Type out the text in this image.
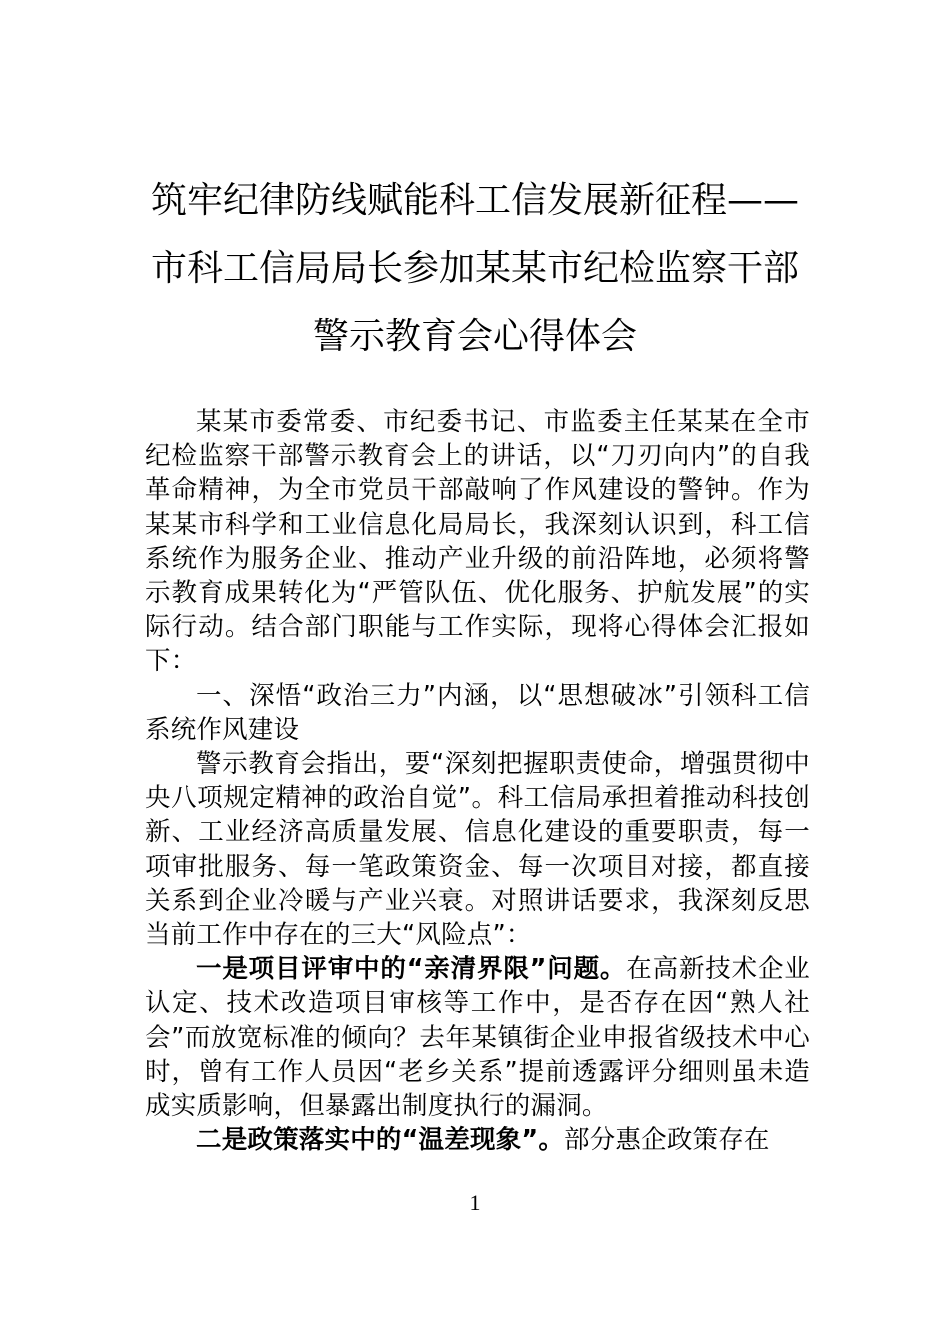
筑牢纪律防线赋能科工信发展新征程——
市科工信局局长参加某某市纪检监察干部
警示教育会心得体会

某某市委常委、市纪委书记、市监委主任某某在全市纪检监察干部警示教育会上的讲话，以“刀刃向内”的自我革命精神，为全市党员干部敲响了作风建设的警钟。作为某某市科学和工业信息化局局长，我深刻认识到，科工信系统作为服务企业、推动产业升级的前沿阵地，必须将警示教育成果转化为“严管队伍、优化服务、护航发展”的实际行动。结合部门职能与工作实际，现将心得体会汇报如下：

一、深悟“政治三力”内涵，以“思想破冰”引领科工信系统作风建设

警示教育会指出，要“深刻把握职责使命，增强贯彻中央八项规定精神的政治自觉”。科工信局承担着推动科技创新、工业经济高质量发展、信息化建设的重要职责，每一项审批服务、每一笔政策资金、每一次项目对接，都直接关系到企业冷暖与产业兴衰。对照讲话要求，我深刻反思当前工作中存在的三大“风险点”：

一是项目评审中的“亲清界限”问题。在高新技术企业认定、技术改造项目审核等工作中，是否存在因“熟人社会”而放宽标准的倾向？去年某镇街企业申报省级技术中心时，曾有工作人员因“老乡关系”提前透露评分细则虽未造成实质影响，但暴露出制度执行的漏洞。

二是政策落实中的“温差现象”。部分惠企政策存在

1
